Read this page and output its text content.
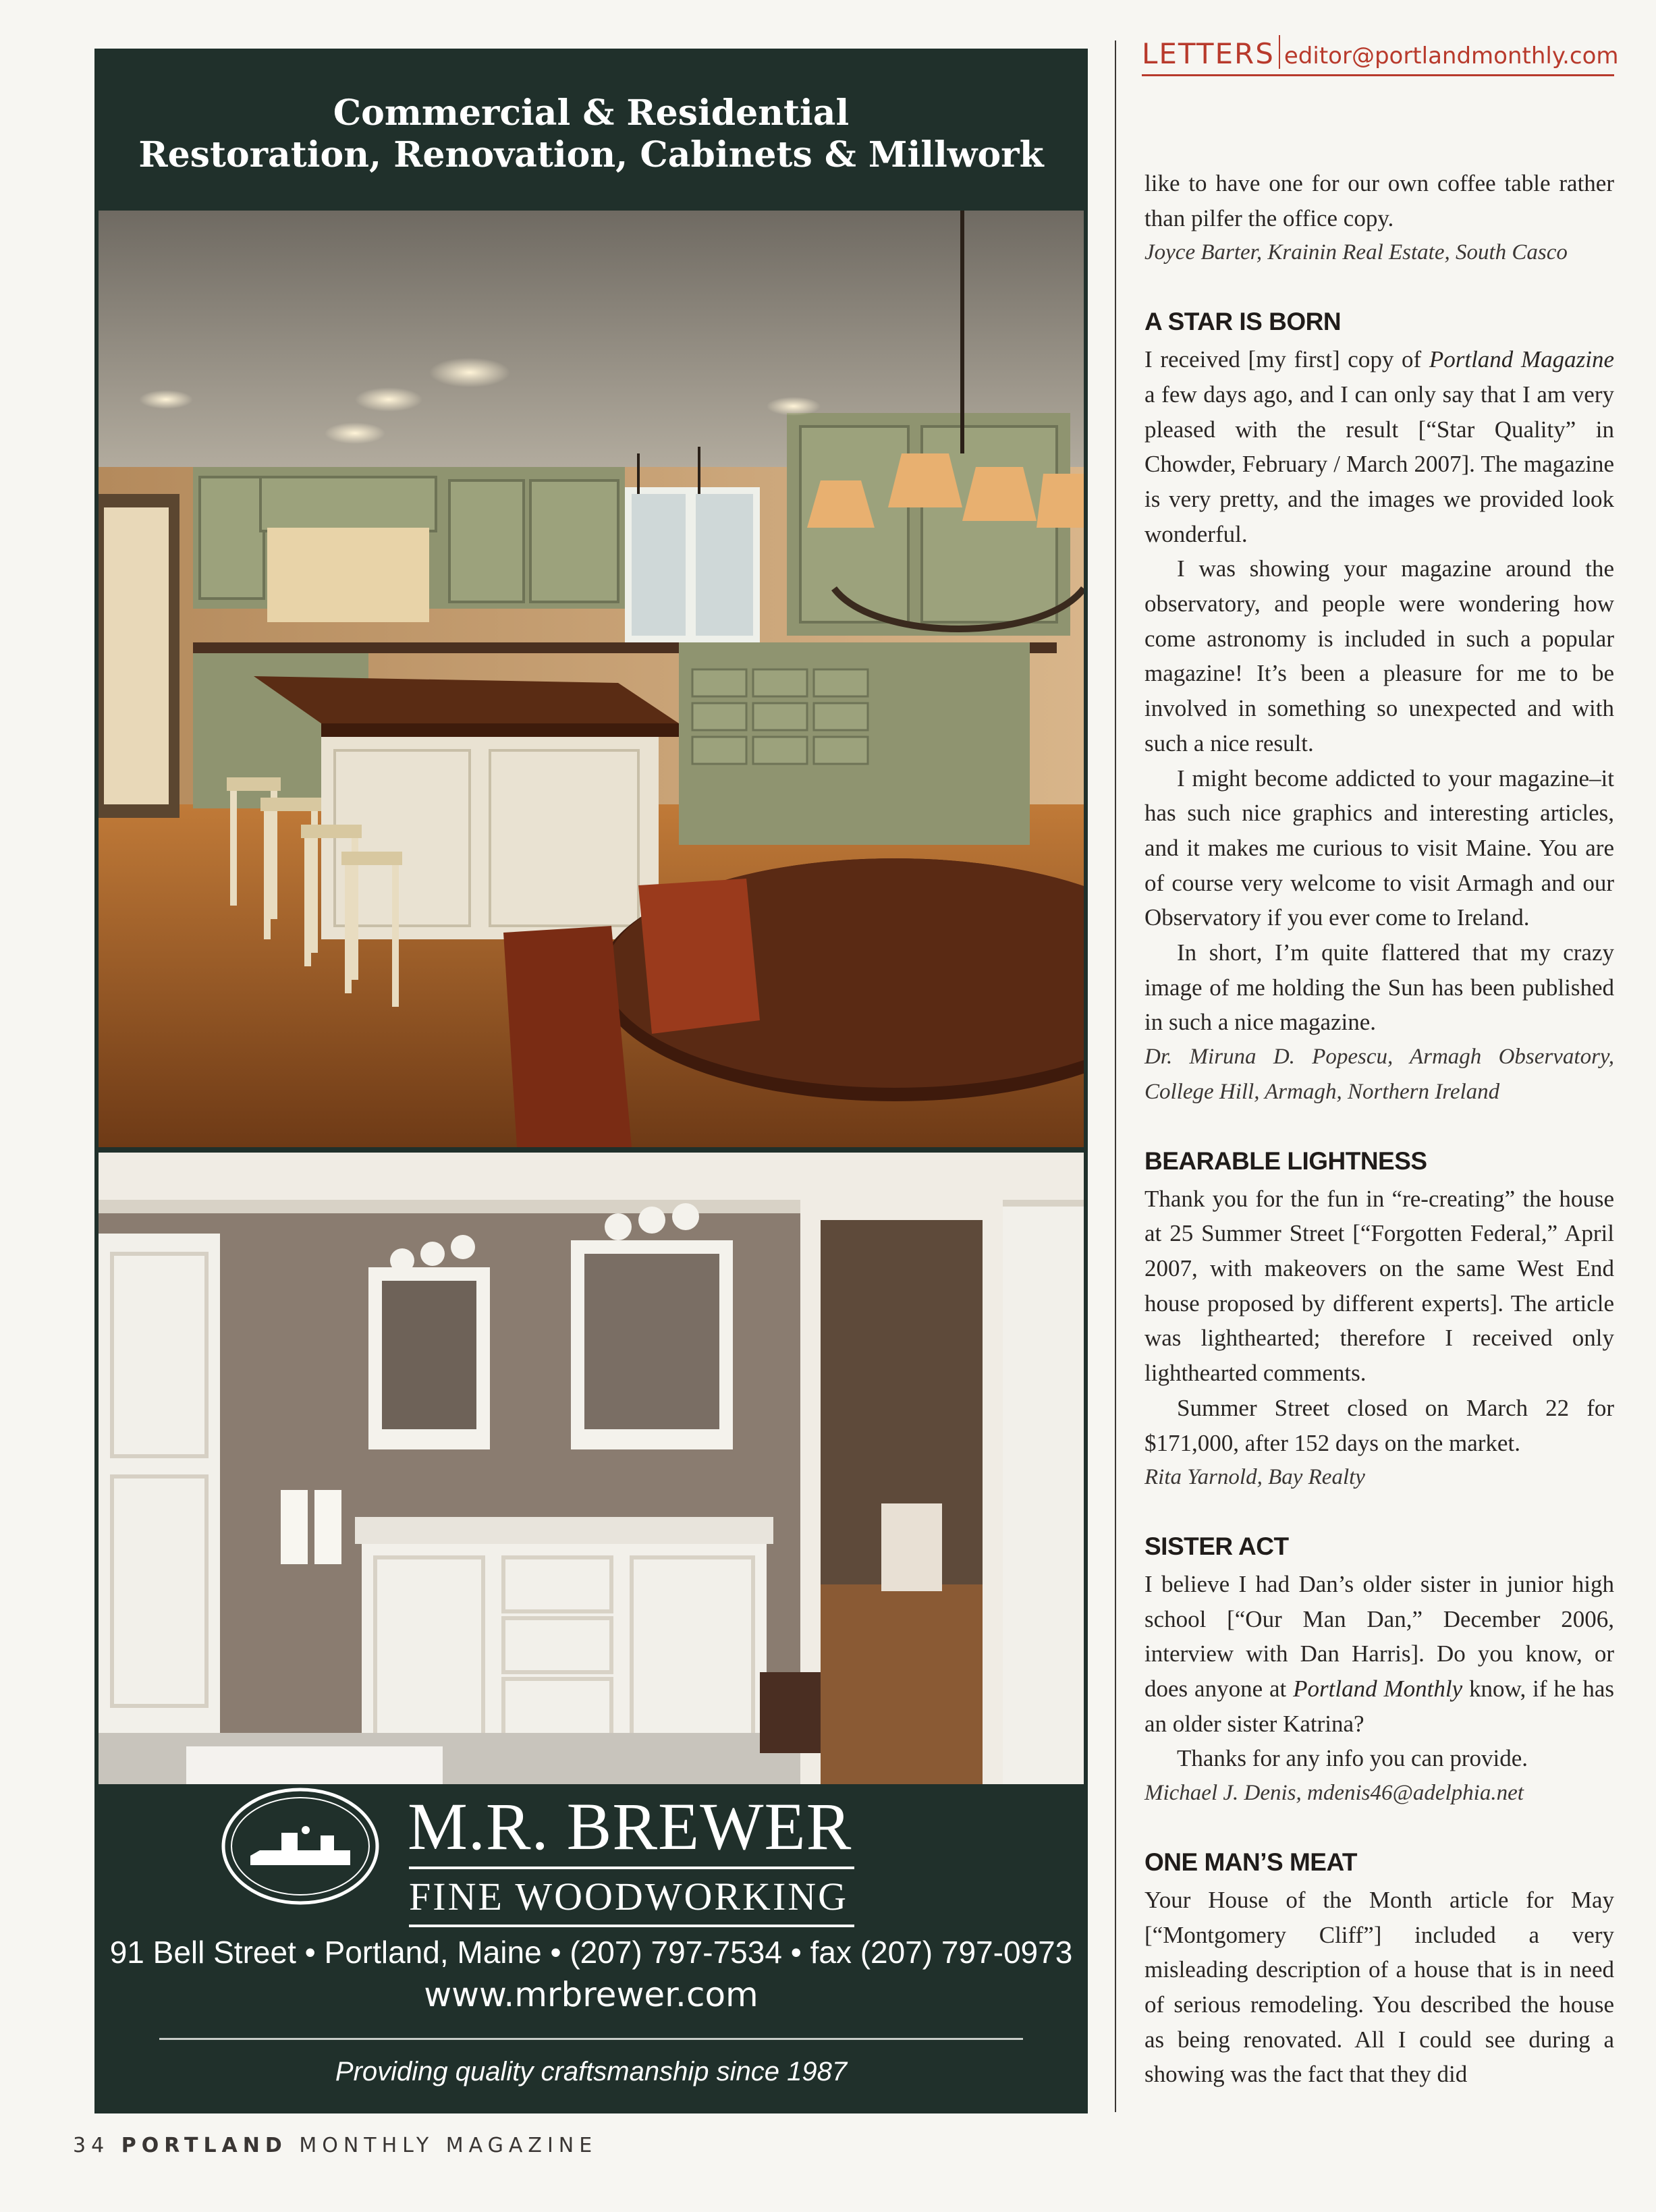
Commercial & Residential
Restoration, Renovation, Cabinets & Millwork
M.R. BREWER
FINE WOODWORKING
91 Bell Street • Portland, Maine • (207) 797-7534 • fax (207) 797-0973
www.mrbrewer.com
Providing quality craftsmanship since 1987
34 PORTLAND MONTHLY MAGAZINE
LETTERS editor@portlandmonthly.com

like to have one for our own coffee table rather than pilfer the office copy.

Joyce Barter, Krainin Real Estate, South Casco

A STAR IS BORN

I received [my first] copy of Portland Magazine a few days ago, and I can only say that I am very pleased with the result [“Star Quality” in Chowder, February / March 2007]. The magazine is very pretty, and the images we provided look wonderful.

I was showing your magazine around the observatory, and people were wondering how come astronomy is included in such a popular magazine! It’s been a pleasure for me to be involved in something so unexpected and with such a nice result.

I might become addicted to your magazine–it has such nice graphics and interesting articles, and it makes me curious to visit Maine. You are of course very welcome to visit Armagh and our Observatory if you ever come to Ireland.

In short, I’m quite flattered that my crazy image of me holding the Sun has been published in such a nice magazine.

Dr. Miruna D. Popescu, Armagh Observatory, College Hill, Armagh, Northern Ireland

BEARABLE LIGHTNESS

Thank you for the fun in “re-creating” the house at 25 Summer Street [“Forgotten Federal,” April 2007, with makeovers on the same West End house proposed by different experts]. The article was lighthearted; therefore I received only lighthearted comments.

Summer Street closed on March 22 for $171,000, after 152 days on the market.

Rita Yarnold, Bay Realty

SISTER ACT

I believe I had Dan’s older sister in junior high school [“Our Man Dan,” December 2006, interview with Dan Harris]. Do you know, or does anyone at Portland Monthly know, if he has an older sister Katrina?

Thanks for any info you can provide.

Michael J. Denis, mdenis46@adelphia.net

ONE MAN’S MEAT

Your House of the Month article for May [“Montgomery Cliff”] included a very misleading description of a house that is in need of serious remodeling. You described the house as being renovated. All I could see during a showing was the fact that they did
